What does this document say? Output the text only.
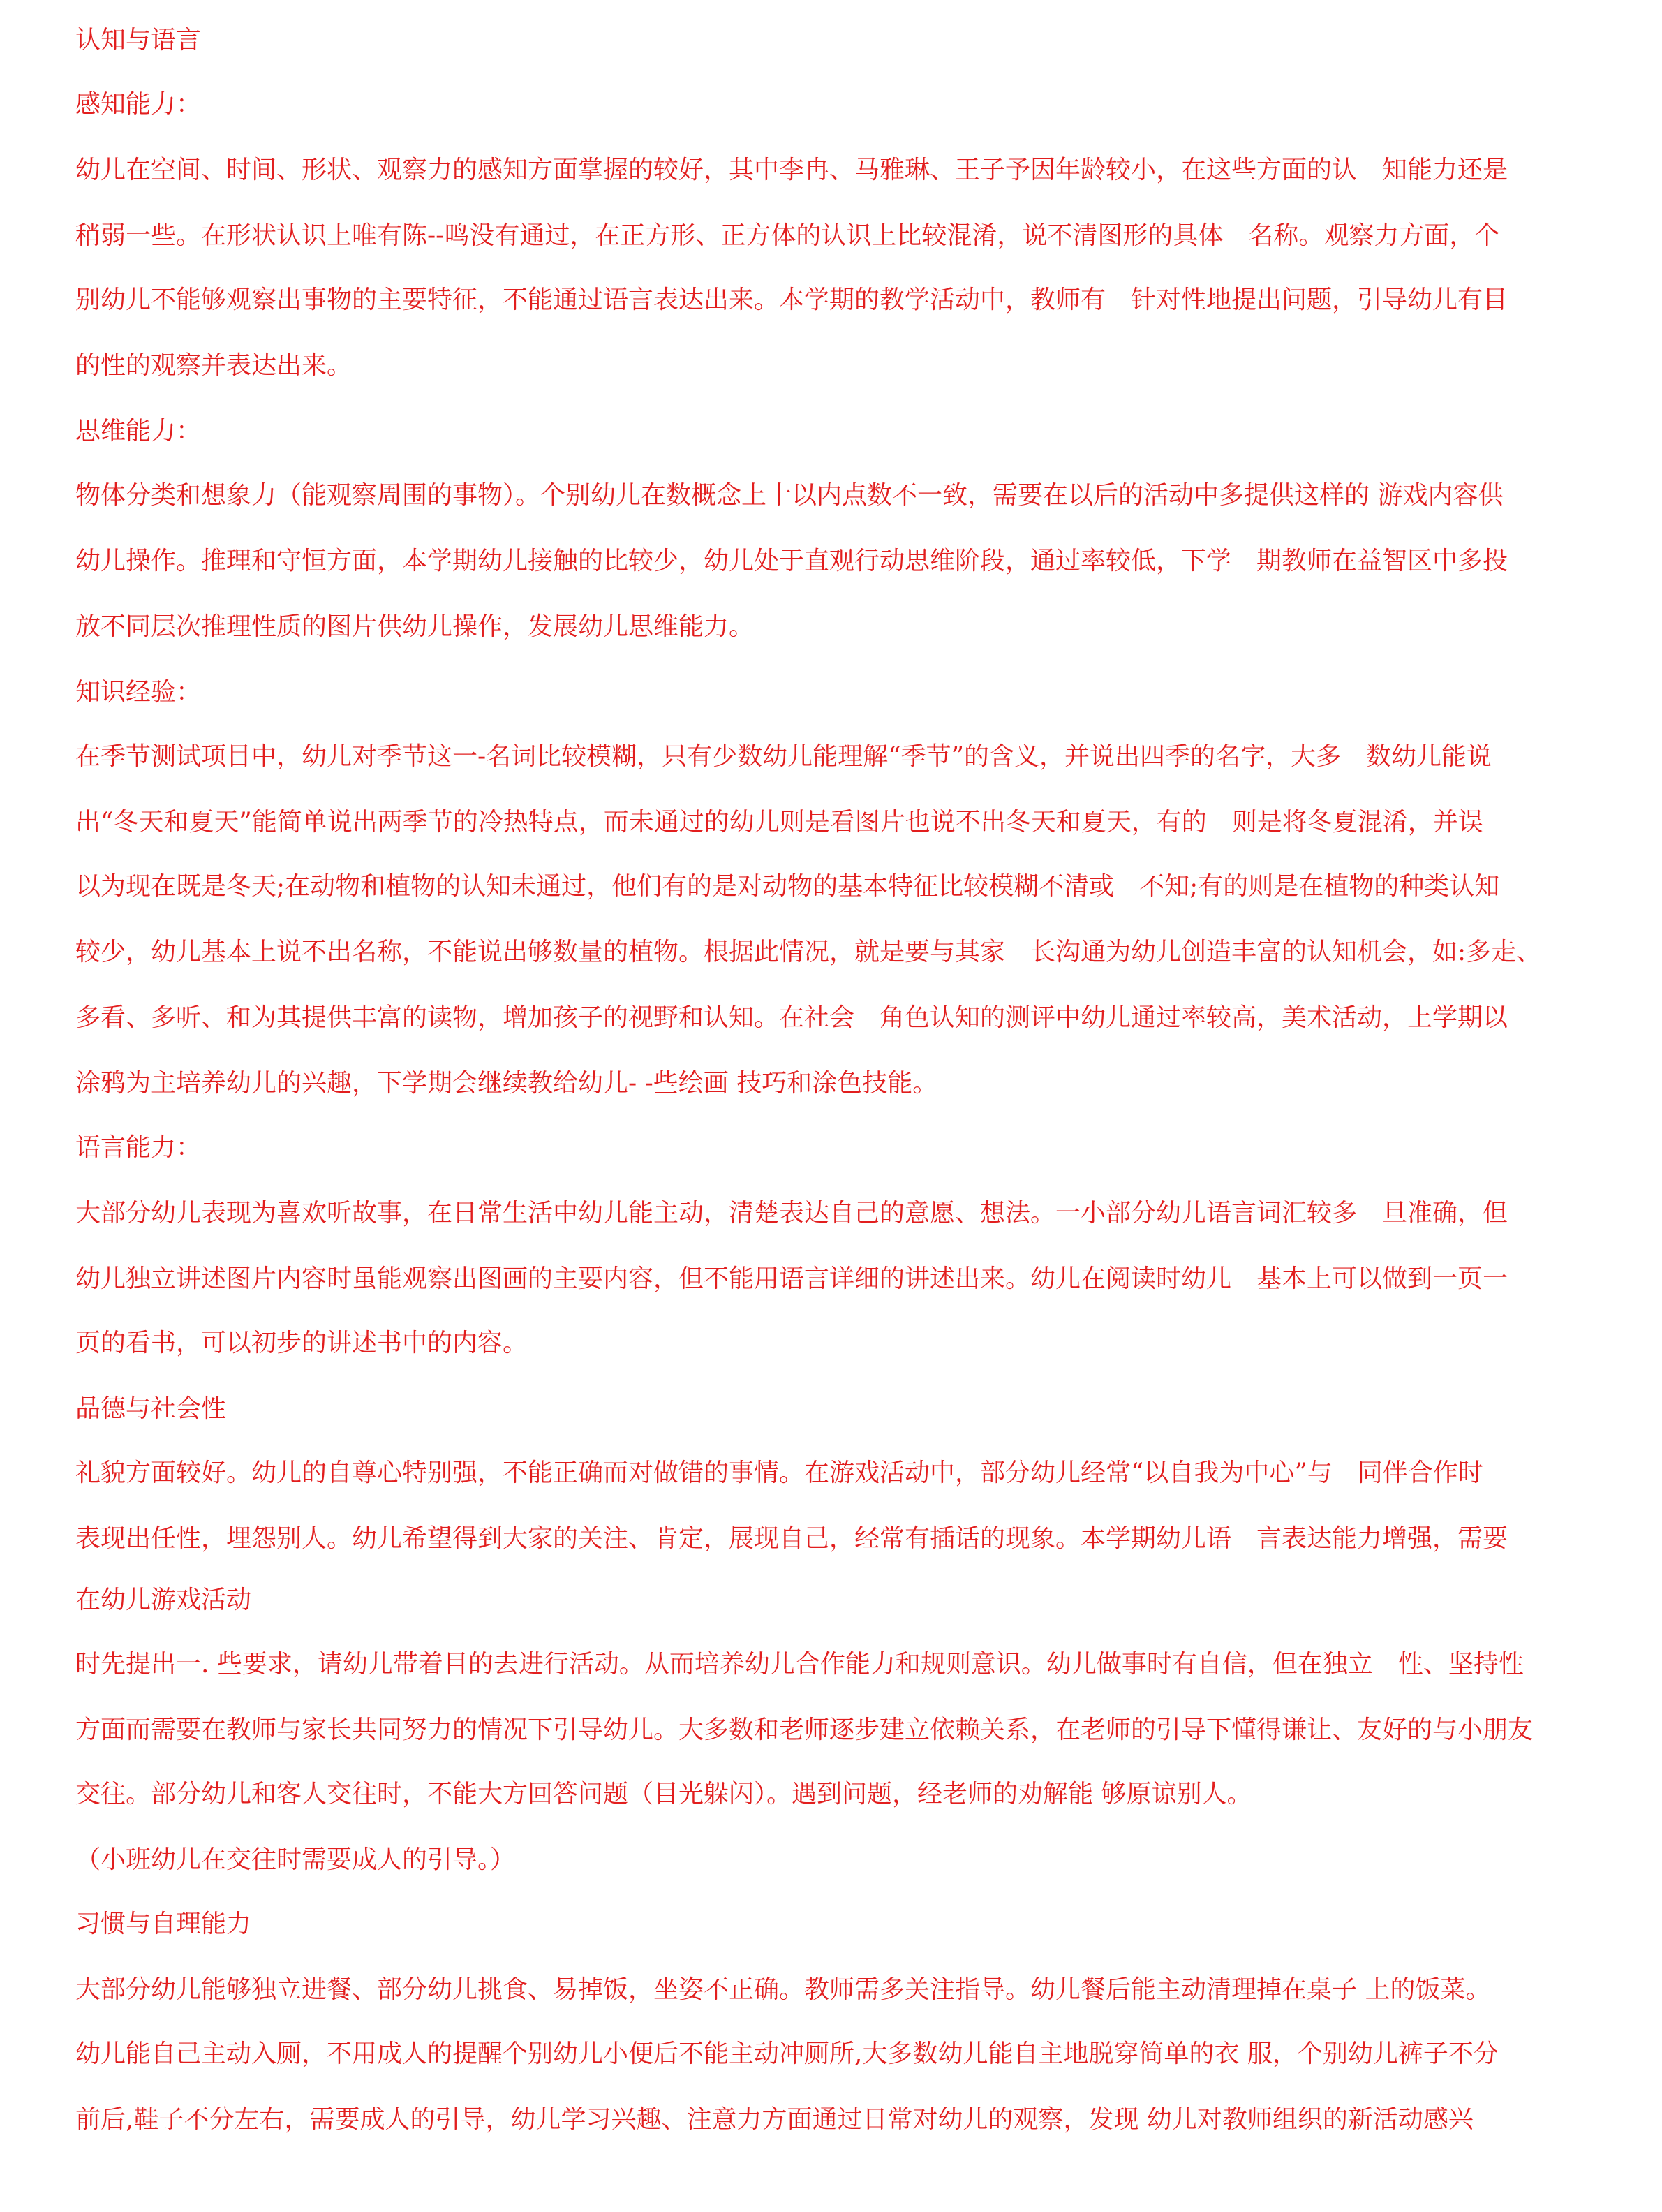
认知与语言
感知能力：
幼儿在空间、时间、形状、观察力的感知方面掌握的较好，其中李冉、马雅琳、王子予因年龄较小，在这些方面的认　知能力还是
稍弱一些。在形状认识上唯有陈--鸣没有通过，在正方形、正方体的认识上比较混淆，说不清图形的具体　名称。观察力方面，个
别幼儿不能够观察出事物的主要特征，不能通过语言表达出来。本学期的教学活动中，教师有　针对性地提出问题，引导幼儿有目
的性的观察并表达出来。
思维能力：
物体分类和想象力（能观察周围的事物）。个别幼儿在数概念上十以内点数不一致，需要在以后的活动中多提供这样的 游戏内容供
幼儿操作。推理和守恒方面，本学期幼儿接触的比较少，幼儿处于直观行动思维阶段，通过率较低，下学　期教师在益智区中多投
放不同层次推理性质的图片供幼儿操作，发展幼儿思维能力。
知识经验：
在季节测试项目中，幼儿对季节这一-名词比较模糊，只有少数幼儿能理解“季节”的含义，并说出四季的名字，大多　数幼儿能说
出“冬天和夏天”能简单说出两季节的冷热特点，而未通过的幼儿则是看图片也说不出冬天和夏天，有的　则是将冬夏混淆，并误
以为现在既是冬天;在动物和植物的认知未通过，他们有的是对动物的基本特征比较模糊不清或　不知;有的则是在植物的种类认知
较少，幼儿基本上说不出名称，不能说出够数量的植物。根据此情况，就是要与其家　长沟通为幼儿创造丰富的认知机会，如:多走、
多看、多听、和为其提供丰富的读物，增加孩子的视野和认知。在社会　角色认知的测评中幼儿通过率较高，美术活动，上学期以
涂鸦为主培养幼儿的兴趣，下学期会继续教给幼儿- -些绘画 技巧和涂色技能。
语言能力：
大部分幼儿表现为喜欢听故事，在日常生活中幼儿能主动，清楚表达自己的意愿、想法。一小部分幼儿语言词汇较多　旦准确，但
幼儿独立讲述图片内容时虽能观察出图画的主要内容，但不能用语言详细的讲述出来。幼儿在阅读时幼儿　基本上可以做到一页一
页的看书，可以初步的讲述书中的内容。
品德与社会性
礼貌方面较好。幼儿的自尊心特别强，不能正确而对做错的事情。在游戏活动中，部分幼儿经常“以自我为中心”与　同伴合作时
表现出任性，埋怨别人。幼儿希望得到大家的关注、肯定，展现自己，经常有插话的现象。本学期幼儿语　言表达能力增强，需要
在幼儿游戏活动
时先提出一. 些要求，请幼儿带着目的去进行活动。从而培养幼儿合作能力和规则意识。幼儿做事时有自信，但在独立　性、坚持性
方面而需要在教师与家长共同努力的情况下引导幼儿。大多数和老师逐步建立依赖关系，在老师的引导下懂得谦让、友好的与小朋友
交往。部分幼儿和客人交往时，不能大方回答问题（目光躲闪）。遇到问题，经老师的劝解能 够原谅别人。
（小班幼儿在交往时需要成人的引导。）
习惯与自理能力
大部分幼儿能够独立进餐、部分幼儿挑食、易掉饭，坐姿不正确。教师需多关注指导。幼儿餐后能主动清理掉在桌子 上的饭菜。
幼儿能自己主动入厕，不用成人的提醒个别幼儿小便后不能主动冲厕所,大多数幼儿能自主地脱穿简单的衣 服，个别幼儿裤子不分
前后,鞋子不分左右，需要成人的引导，幼儿学习兴趣、注意力方面通过日常对幼儿的观察，发现 幼儿对教师组织的新活动感兴
